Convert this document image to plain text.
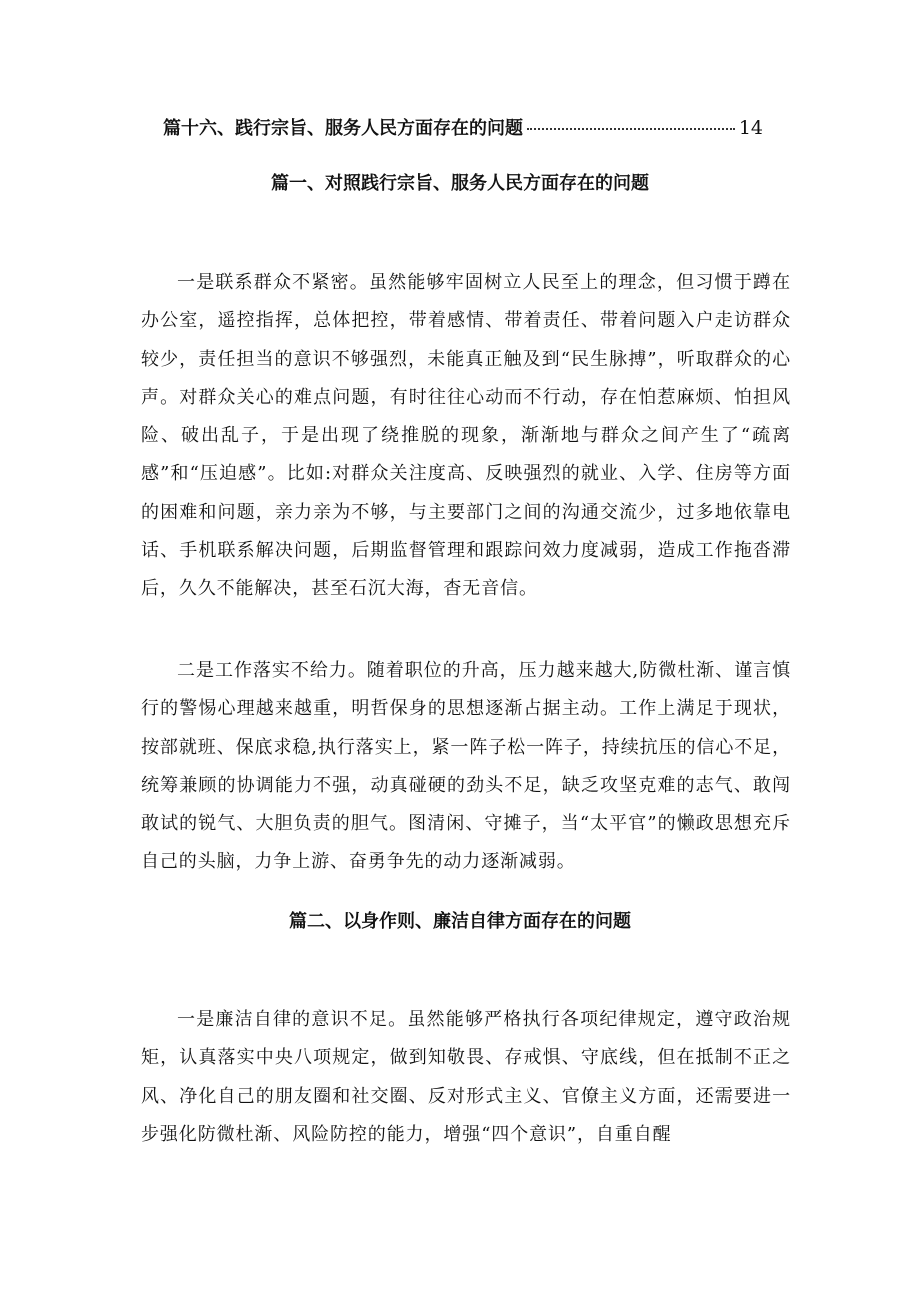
篇十六、践行宗旨、服务人民方面存在的问题	14
篇一、对照践行宗旨、服务人民方面存在的问题

一是联系群众不紧密。虽然能够牢固树立人民至上的理念，但习惯于蹲在办公室，遥控指挥，总体把控，带着感情、带着责任、带着问题入户走访群众较少，责任担当的意识不够强烈，未能真正触及到“民生脉搏”，听取群众的心声。对群众关心的难点问题，有时往往心动而不行动，存在怕惹麻烦、怕担风险、破出乱子，于是出现了绕推脱的现象，渐渐地与群众之间产生了“疏离感”和“压迫感”。比如:对群众关注度高、反映强烈的就业、入学、住房等方面的困难和问题，亲力亲为不够，与主要部门之间的沟通交流少，过多地依靠电话、手机联系解决问题，后期监督管理和跟踪问效力度减弱，造成工作拖沓滞后，久久不能解决，甚至石沉大海，杳无音信。

二是工作落实不给力。随着职位的升高，压力越来越大,防微杜渐、谨言慎行的警惕心理越来越重，明哲保身的思想逐渐占据主动。工作上满足于现状，按部就班、保底求稳,执行落实上，紧一阵子松一阵子，持续抗压的信心不足，统筹兼顾的协调能力不强，动真碰硬的劲头不足，缺乏攻坚克难的志气、敢闯敢试的锐气、大胆负责的胆气。图清闲、守摊子，当“太平官”的懒政思想充斥自己的头脑，力争上游、奋勇争先的动力逐渐减弱。

篇二、以身作则、廉洁自律方面存在的问题

一是廉洁自律的意识不足。虽然能够严格执行各项纪律规定，遵守政治规矩，认真落实中央八项规定，做到知敬畏、存戒惧、守底线，但在抵制不正之风、净化自己的朋友圈和社交圈、反对形式主义、官僚主义方面，还需要进一步强化防微杜渐、风险防控的能力，增强“四个意识”，自重自醒
